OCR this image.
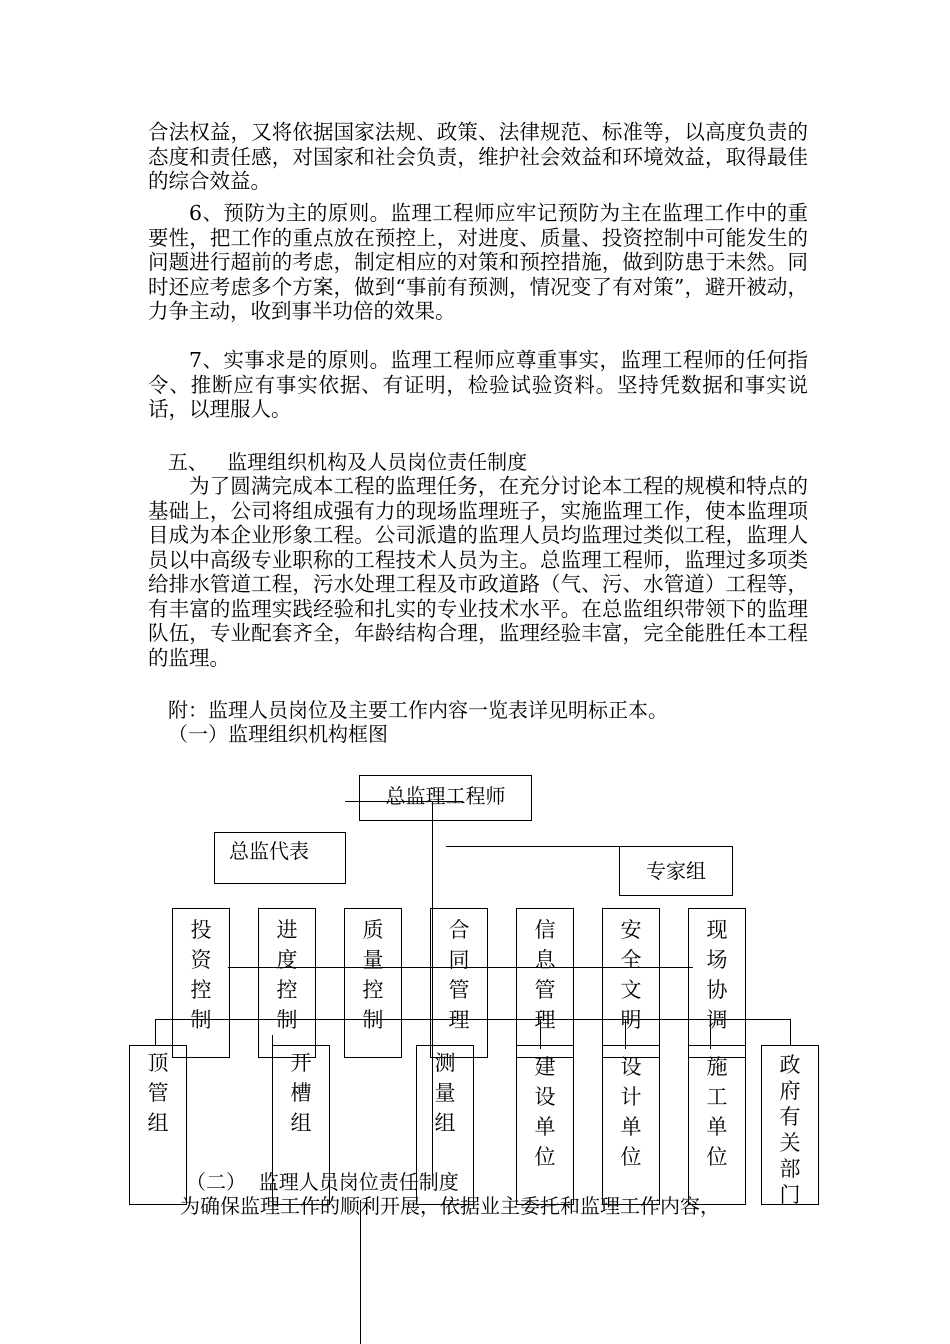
合法权益，又将依据国家法规、政策、法律规范、标准等，以高度负责的态度和责任感，对国家和社会负责，维护社会效益和环境效益，取得最佳的综合效益。

6、预防为主的原则。监理工程师应牢记预防为主在监理工作中的重要性，把工作的重点放在预控上，对进度、质量、投资控制中可能发生的问题进行超前的考虑，制定相应的对策和预控措施，做到防患于未然。同时还应考虑多个方案，做到“事前有预测，情况变了有对策”，避开被动，力争主动，收到事半功倍的效果。

7、实事求是的原则。监理工程师应尊重事实，监理工程师的任何指令、推断应有事实依据、有证明，检验试验资料。坚持凭数据和事实说话，以理服人。

五、   监理组织机构及人员岗位责任制度

为了圆满完成本工程的监理任务，在充分讨论本工程的规模和特点的基础上，公司将组成强有力的现场监理班子，实施监理工作，使本监理项目成为本企业形象工程。公司派遣的监理人员均监理过类似工程，监理人员以中高级专业职称的工程技术人员为主。总监理工程师，监理过多项类给排水管道工程，污水处理工程及市政道路（气、污、水管道）工程等，有丰富的监理实践经验和扎实的专业技术水平。在总监组织带领下的监理队伍，专业配套齐全，年龄结构合理，监理经验丰富，完全能胜任本工程的监理。

附：监理人员岗位及主要工作内容一览表详见明标正本。
（一）监理组织机构框图
总监理工程师
总监代表
专家组
投资控制
进度控制
质量控制
合同管理
信息管理
安全文明
现场协调
顶管组
开槽组
测量组
建设单位
设计单位
施工单位
政府有关部门
（二）  监理人员岗位责任制度
为确保监理工作的顺利开展，依据业主委托和监理工作内容，
